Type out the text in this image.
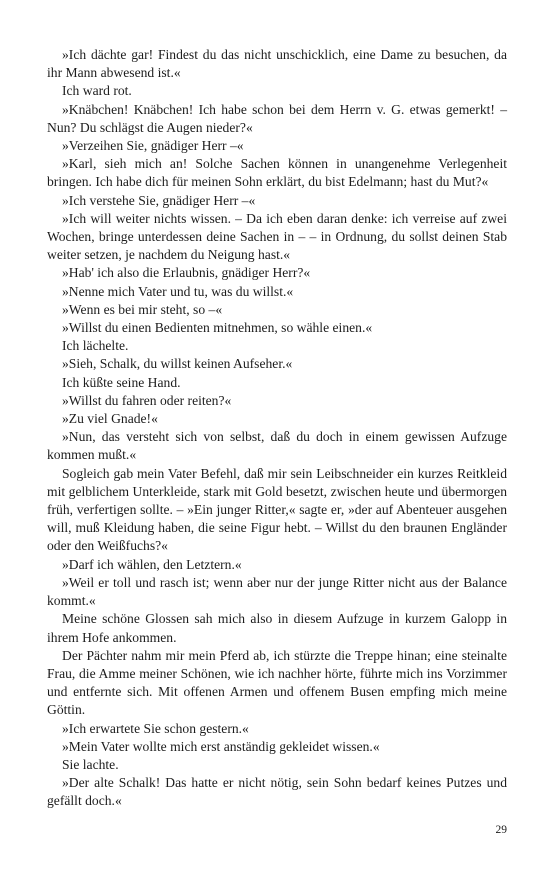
»Ich dächte gar! Findest du das nicht unschicklich, eine Dame zu besuchen, da ihr Mann abwesend ist.«

Ich ward rot.

»Knäbchen! Knäbchen! Ich habe schon bei dem Herrn v. G. etwas gemerkt! – Nun? Du schlägst die Augen nieder?«

»Verzeihen Sie, gnädiger Herr –«

»Karl, sieh mich an! Solche Sachen können in unangenehme Verlegenheit bringen. Ich habe dich für meinen Sohn erklärt, du bist Edelmann; hast du Mut?«

»Ich verstehe Sie, gnädiger Herr –«

»Ich will weiter nichts wissen. – Da ich eben daran denke: ich verreise auf zwei Wochen, bringe unterdessen deine Sachen in – – in Ordnung, du sollst deinen Stab weiter setzen, je nachdem du Neigung hast.«

»Hab' ich also die Erlaubnis, gnädiger Herr?«

»Nenne mich Vater und tu, was du willst.«

»Wenn es bei mir steht, so –«

»Willst du einen Bedienten mitnehmen, so wähle einen.«

Ich lächelte.

»Sieh, Schalk, du willst keinen Aufseher.«

Ich küßte seine Hand.

»Willst du fahren oder reiten?«

»Zu viel Gnade!«

»Nun, das versteht sich von selbst, daß du doch in einem gewissen Aufzuge kommen mußt.«

Sogleich gab mein Vater Befehl, daß mir sein Leibschneider ein kurzes Reitkleid mit gelblichem Unterkleide, stark mit Gold besetzt, zwischen heute und übermorgen früh, verfertigen sollte. – »Ein junger Ritter,« sagte er, »der auf Abenteuer ausgehen will, muß Kleidung haben, die seine Figur hebt. – Willst du den braunen Engländer oder den Weißfuchs?«

»Darf ich wählen, den Letztern.«

»Weil er toll und rasch ist; wenn aber nur der junge Ritter nicht aus der Balance kommt.«

Meine schöne Glossen sah mich also in diesem Aufzuge in kurzem Galopp in ihrem Hofe ankommen.

Der Pächter nahm mir mein Pferd ab, ich stürzte die Treppe hinan; eine steinalte Frau, die Amme meiner Schönen, wie ich nachher hörte, führte mich ins Vorzimmer und entfernte sich. Mit offenen Armen und offenem Busen empfing mich meine Göttin.

»Ich erwartete Sie schon gestern.«

»Mein Vater wollte mich erst anständig gekleidet wissen.«

Sie lachte.

»Der alte Schalk! Das hatte er nicht nötig, sein Sohn bedarf keines Putzes und gefällt doch.«

29
